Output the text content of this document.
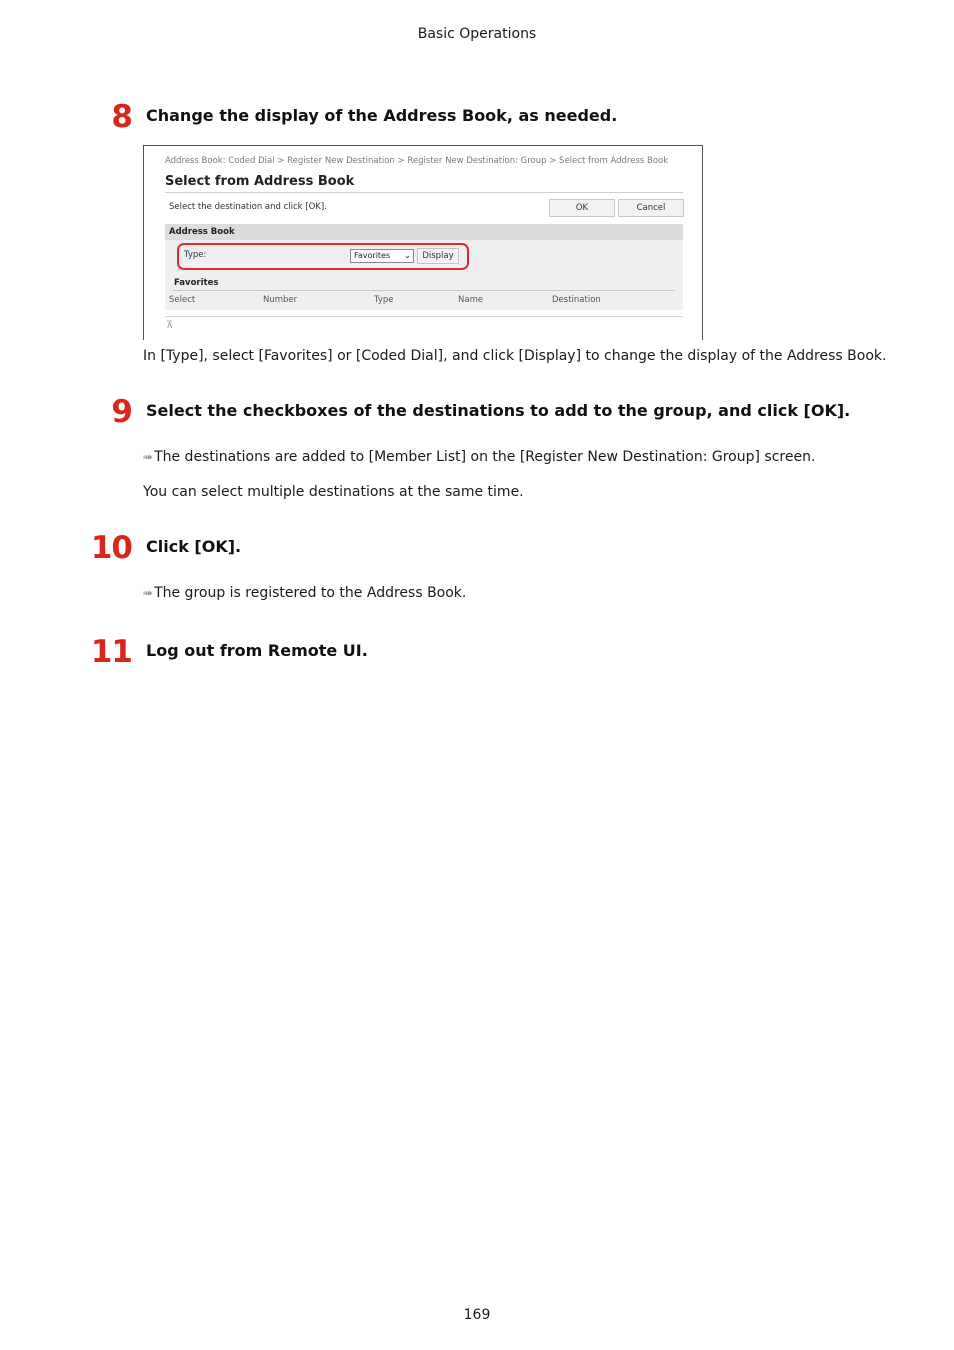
Basic Operations
8 Change the display of the Address Book, as needed.
Address Book: Coded Dial > Register New Destination > Register New Destination: Group > Select from Address Book
Select from Address Book
Select the destination and click [OK].	OK	Cancel
Address Book
Type:	Favorites ⌄	Display
Favorites
Select	Number	Type	Name	Destination
⊼
In [Type], select [Favorites] or [Coded Dial], and click [Display] to change the display of the Address Book.
9 Select the checkboxes of the destinations to add to the group, and click [OK].
➠ The destinations are added to [Member List] on the [Register New Destination: Group] screen.
You can select multiple destinations at the same time.
10 Click [OK].
➠ The group is registered to the Address Book.
11 Log out from Remote UI.
169
